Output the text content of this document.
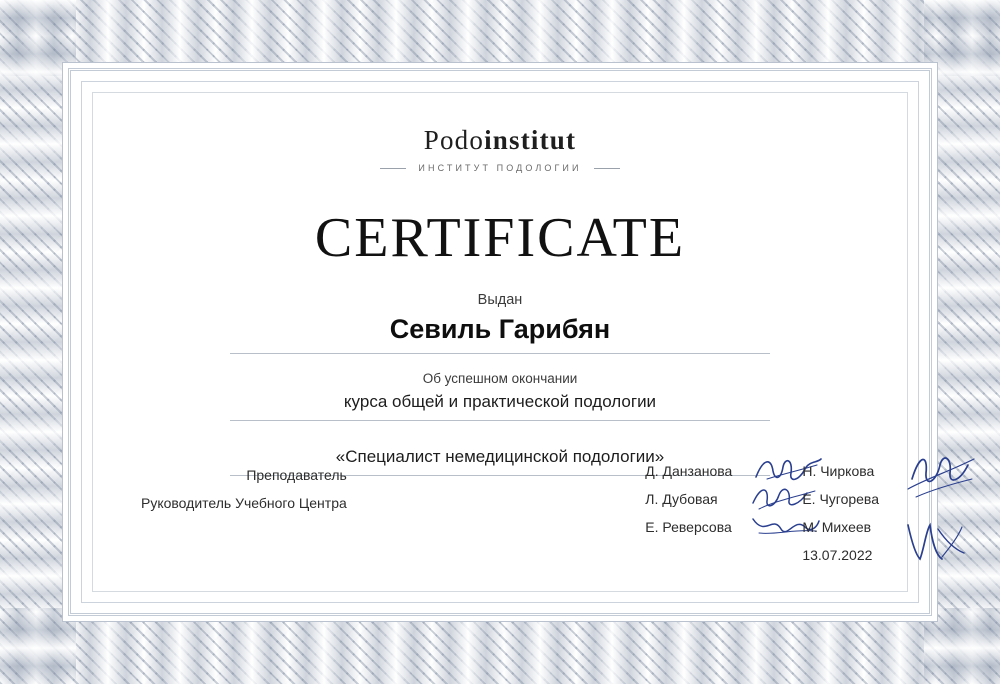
Podoinstitut
ИНСТИТУТ ПОДОЛОГИИ
CERTIFICATE
Выдан
Севиль Гарибян
Об успешном окончании
курса общей и практической подологии
«Специалист немедицинской подологии»
Преподаватель
Руководитель Учебного Центра
Д. Данзанова
Л. Дубовая
Е. Реверсова
Н. Чиркова
Е. Чугорева
М. Михеев
13.07.2022
